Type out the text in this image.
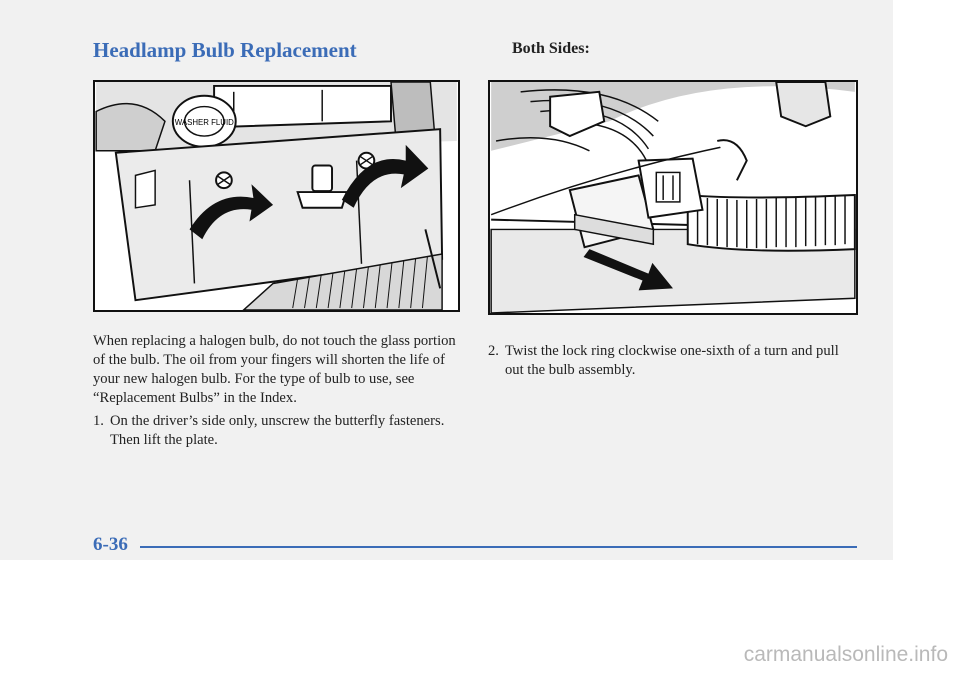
Headlamp Bulb Replacement	Both Sides:
WASHER FLUID

When replacing a halogen bulb, do not touch the glass portion of the bulb. The oil from your fingers will shorten the life of your new halogen bulb. For the type of bulb to use, see “Replacement Bulbs” in the Index.

1. On the driver’s side only, unscrew the butterfly fasteners. Then lift the plate.
2. Twist the lock ring clockwise one-sixth of a turn and pull out the bulb assembly.
6-36
carmanualsonline.info
